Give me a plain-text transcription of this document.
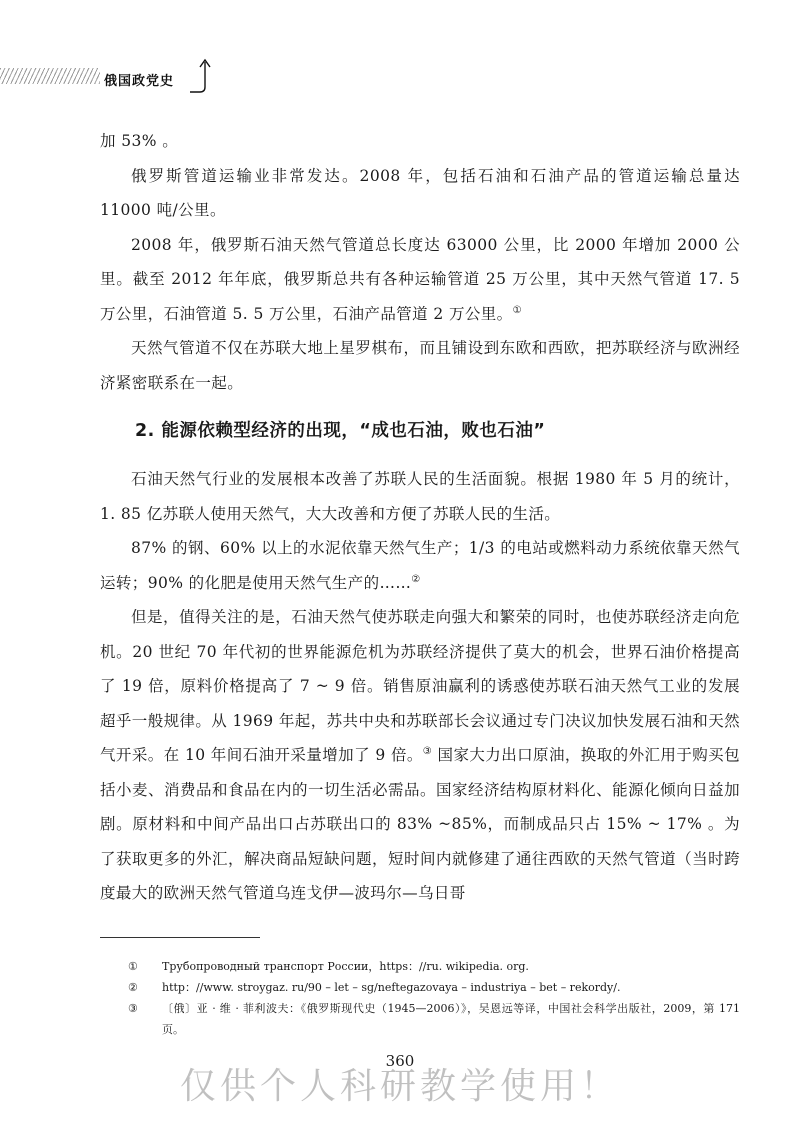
俄国政党史

加 53% 。

俄罗斯管道运输业非常发达。2008 年，包括石油和石油产品的管道运输总量达 11000 吨/公里。

2008 年，俄罗斯石油天然气管道总长度达 63000 公里，比 2000 年增加 2000 公里。截至 2012 年年底，俄罗斯总共有各种运输管道 25 万公里，其中天然气管道 17. 5 万公里，石油管道 5. 5 万公里，石油产品管道 2 万公里。①

天然气管道不仅在苏联大地上星罗棋布，而且铺设到东欧和西欧，把苏联经济与欧洲经济紧密联系在一起。

2. 能源依赖型经济的出现，“成也石油，败也石油”

石油天然气行业的发展根本改善了苏联人民的生活面貌。根据 1980 年 5 月的统计，1. 85 亿苏联人使用天然气，大大改善和方便了苏联人民的生活。

87% 的钢、60% 以上的水泥依靠天然气生产；1/3 的电站或燃料动力系统依靠天然气运转；90% 的化肥是使用天然气生产的……②

但是，值得关注的是，石油天然气使苏联走向强大和繁荣的同时，也使苏联经济走向危机。20 世纪 70 年代初的世界能源危机为苏联经济提供了莫大的机会，世界石油价格提高了 19 倍，原料价格提高了 7 ~ 9 倍。销售原油赢利的诱惑使苏联石油天然气工业的发展超乎一般规律。从 1969 年起，苏共中央和苏联部长会议通过专门决议加快发展石油和天然气开采。在 10 年间石油开采量增加了 9 倍。③ 国家大力出口原油，换取的外汇用于购买包括小麦、消费品和食品在内的一切生活必需品。国家经济结构原材料化、能源化倾向日益加剧。原材料和中间产品出口占苏联出口的 83% ~85%，而制成品只占 15% ~ 17% 。为了获取更多的外汇，解决商品短缺问题，短时间内就修建了通往西欧的天然气管道（当时跨度最大的欧洲天然气管道乌连戈伊—波玛尔—乌日哥

① Трубопроводный транспорт России，https：//ru. wikipedia. org.
② http：//www. stroygaz. ru/90 – let – sg/neftegazovaya – industriya – bet – rekordy/.
③ 〔俄〕亚 · 维 · 菲利波夫：《俄罗斯现代史（1945—2006）》，吴恩远等译，中国社会科学出版社，2009，第 171 页。
360
仅供个人科研教学使用！
